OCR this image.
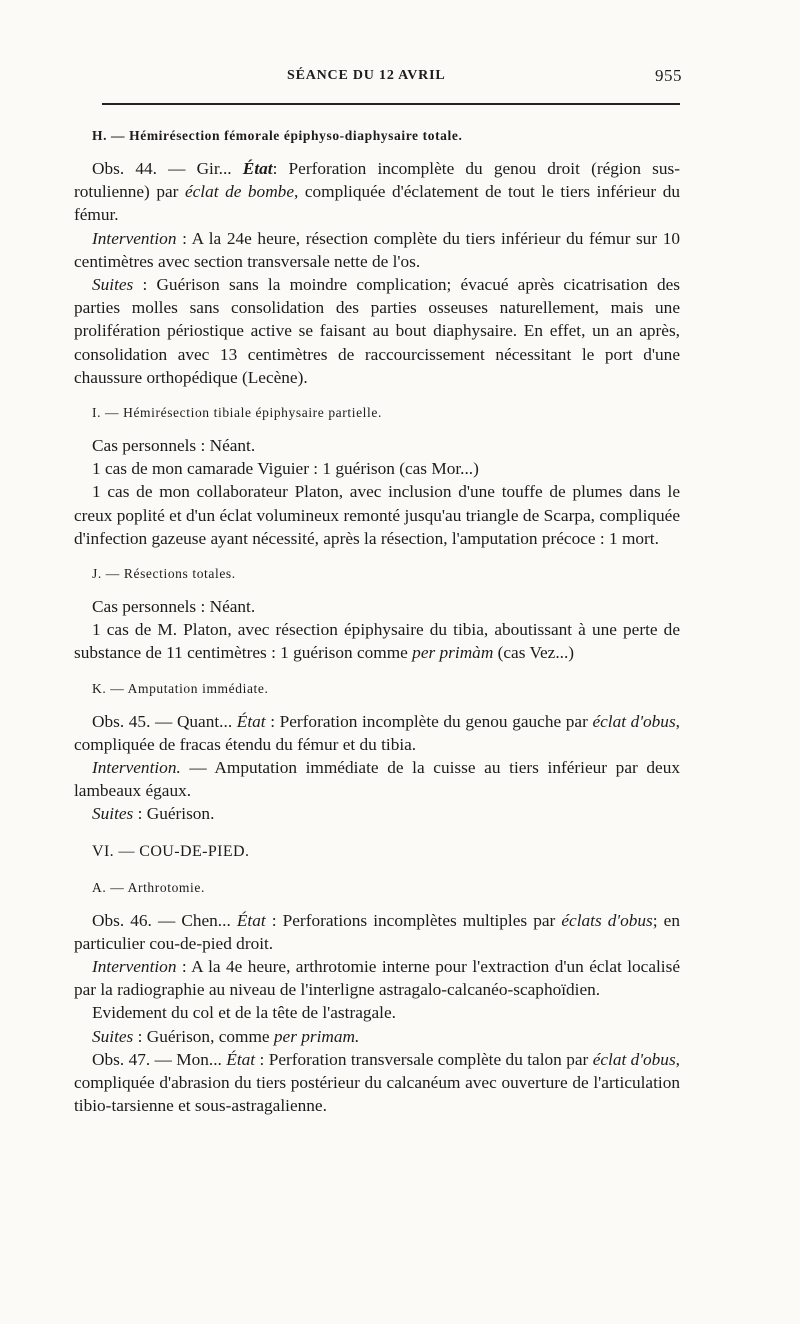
SÉANCE DU 12 AVRIL	955

H. — Hémirésection fémorale épiphyso-diaphysaire totale.

Obs. 44. — Gir... État: Perforation incomplète du genou droit (région sus-rotulienne) par éclat de bombe, compliquée d'éclatement de tout le tiers inférieur du fémur.

Intervention : A la 24e heure, résection complète du tiers inférieur du fémur sur 10 centimètres avec section transversale nette de l'os.

Suites : Guérison sans la moindre complication; évacué après cicatrisation des parties molles sans consolidation des parties osseuses naturellement, mais une prolifération périostique active se faisant au bout diaphysaire. En effet, un an après, consolidation avec 13 centimètres de raccourcissement nécessitant le port d'une chaussure orthopédique (Lecène).

I. — Hémirésection tibiale épiphysaire partielle.

Cas personnels : Néant.

1 cas de mon camarade Viguier : 1 guérison (cas Mor...)

1 cas de mon collaborateur Platon, avec inclusion d'une touffe de plumes dans le creux poplité et d'un éclat volumineux remonté jusqu'au triangle de Scarpa, compliquée d'infection gazeuse ayant nécessité, après la résection, l'amputation précoce : 1 mort.

J. — Résections totales.

Cas personnels : Néant.

1 cas de M. Platon, avec résection épiphysaire du tibia, aboutissant à une perte de substance de 11 centimètres : 1 guérison comme per primàm (cas Vez...)

K. — Amputation immédiate.

Obs. 45. — Quant... État : Perforation incomplète du genou gauche par éclat d'obus, compliquée de fracas étendu du fémur et du tibia.

Intervention. — Amputation immédiate de la cuisse au tiers inférieur par deux lambeaux égaux.

Suites : Guérison.

VI. — COU-DE-PIED.

A. — Arthrotomie.

Obs. 46. — Chen... État : Perforations incomplètes multiples par éclats d'obus; en particulier cou-de-pied droit.

Intervention : A la 4e heure, arthrotomie interne pour l'extraction d'un éclat localisé par la radiographie au niveau de l'interligne astragalo-calcanéo-scaphoïdien.

Evidement du col et de la tête de l'astragale.

Suites : Guérison, comme per primam.

Obs. 47. — Mon... État : Perforation transversale complète du talon par éclat d'obus, compliquée d'abrasion du tiers postérieur du calcanéum avec ouverture de l'articulation tibio-tarsienne et sous-astragalienne.
